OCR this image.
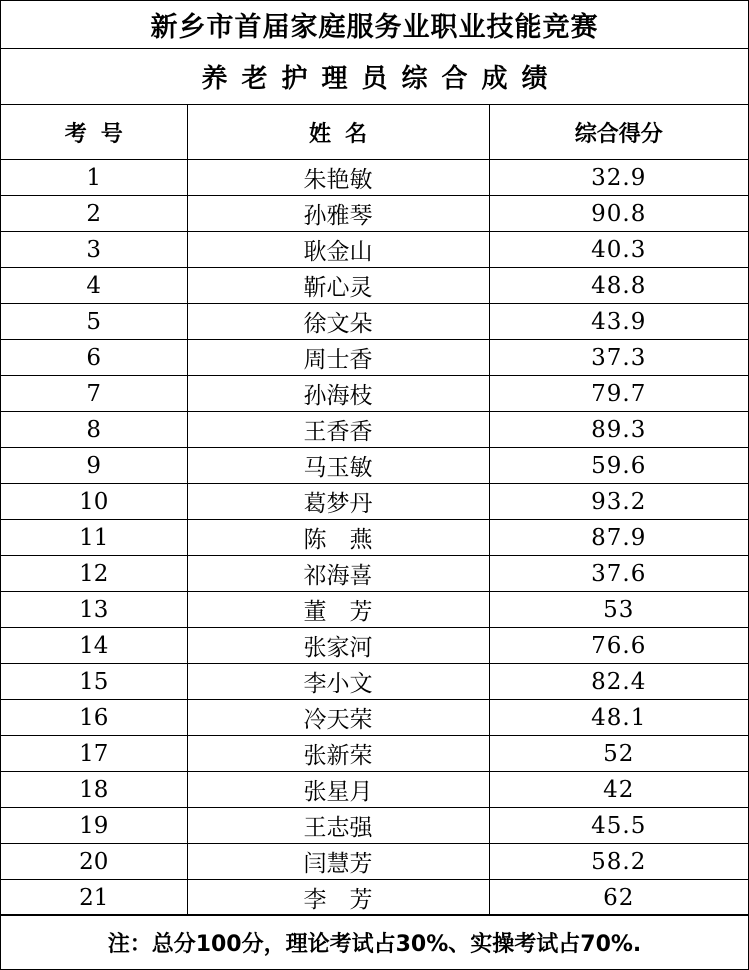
新乡市首届家庭服务业职业技能竞赛
养老护理员综合成绩
考号	姓名	综合得分
1	朱艳敏	32.9
2	孙雅琴	90.8
3	耿金山	40.3
4	靳心灵	48.8
5	徐文朵	43.9
6	周士香	37.3
7	孙海枝	79.7
8	王香香	89.3
9	马玉敏	59.6
10	葛梦丹	93.2
11	陈　燕	87.9
12	祁海喜	37.6
13	董　芳	53
14	张家河	76.6
15	李小文	82.4
16	冷天荣	48.1
17	张新荣	52
18	张星月	42
19	王志强	45.5
20	闫慧芳	58.2
21	李　芳	62
注：总分100分，理论考试占30%、实操考试占70%.
